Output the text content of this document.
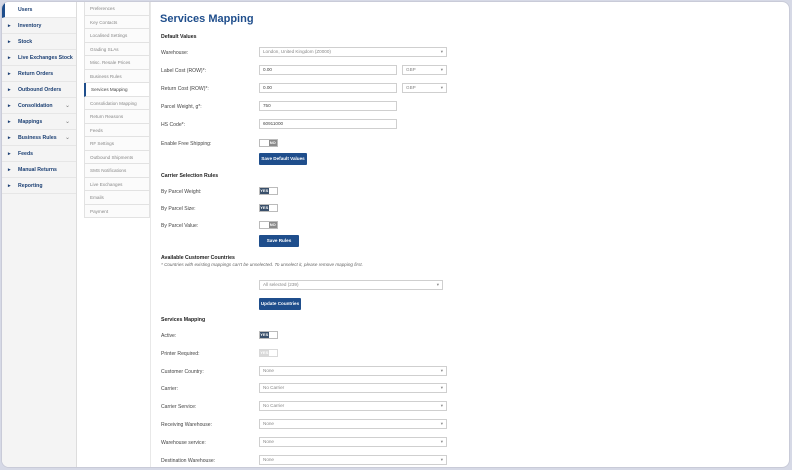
Users
▸ Inventory
▸ Stock
▸ Live Exchanges Stock
▸ Return Orders
▸ Outbound Orders
▸ Consolidation ⌄
▸ Mappings	⌄
▸ Business Rules ⌄
▸ Feeds
▸ Manual Returns
▸ Reporting
Preferences
Key Contacts
Localised Settings
Grading SLAs
Misc. Resale Prices
Business Rules
Services Mapping
Consolidation Mapping
Return Reasons
Feeds
RF Settings
Outbound Shipments
SMS Notifications
Live Exchanges
Emails
Payment
Services Mapping
Default Values
Warehouse:	London, United Kingdom (Z0000)	▾
Label Cost (ROW)*:	0.00	GBP	▾
Return Cost (ROW)*:	0.00	GBP	▾
Parcel Weight, g*:	750
HS Code*:	60911000
Enable Free Shipping:	NO
Save Default Values
Carrier Selection Rules
By Parcel Weight:	YES
By Parcel Size:	YES
By Parcel Value:	NO
Save Rules
Available Customer Countries
* Countries with existing mappings can't be unselected. To unselect it, please remove mapping first.
All selected (239)	▾
Update Countries
Services Mapping
Active:	YES
Printer Required:	YES
Customer Country:	None	▾
Carrier:	No Carrier	▾
Carrier Service:	No Carrier	▾
Receiving Warehouse:	None	▾
Warehouse service:	None	▾
Destination Warehouse:	None	▾
